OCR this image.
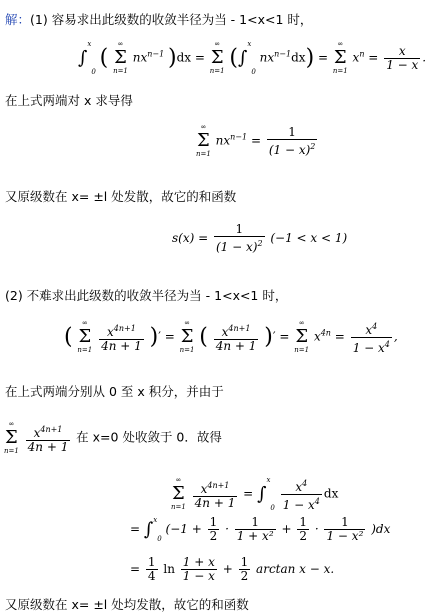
解：(1) 容易求出此级数的收敛半径为当 - 1<x<1 时，
∫$^x$0 (
∞
Σ
n=1
$nx^{n-1}$ )dx =
∞
Σ
n=1
(∫$^x$0 $nx^{n-1}dx$) =
∞
Σ
n=1
$x^n = \frac{x}{1 - x}$ .
在上式两端对 x 求导得
∞
Σ
n=1
$nx^{n-1} = \frac{1}{(1 - x)^2}$
又原级数在 x= ±l 处发散，故它的和函数
$s(x) = \frac{1}{(1 - x)^2} (-1 < x < 1)$
(2) 不难求出此级数的收敛半径为当 - 1<x<1 时，
(
∞
Σ
n=1
$\frac{x^{4n+1}}{4n + 1}$ )′ =
∞
Σ
n=1
( $\frac{x^{4n+1}}{4n + 1}$ )′ =
∞
Σ
n=1
$x^{4n} = \frac{x^4}{1 - x^4}$ ,
在上式两端分别从 0 至 x 积分，并由于
∞
Σ
n=1
$\frac{x^{4n+1}}{4n + 1}$ 在 x=0 处收敛于 0．故得
∞
Σ
n=1
$\frac{x^{4n+1}}{4n + 1} = \int^x0 \frac{x^4}{1 - x^4}$ dx
= ∫$^x$0 $(-1 + \frac{1}{2} \cdot \frac{1}{\text{1 + x²}} + \frac{1}{2} \cdot \frac{1}{\text{1 − x²}} )dx$
= $\frac{1}{4}$ $\ln \frac{1 + x}{1 - x} + \frac{1}{2}$ arctan x − x.
又原级数在 x= ±l 处均发散，故它的和函数
